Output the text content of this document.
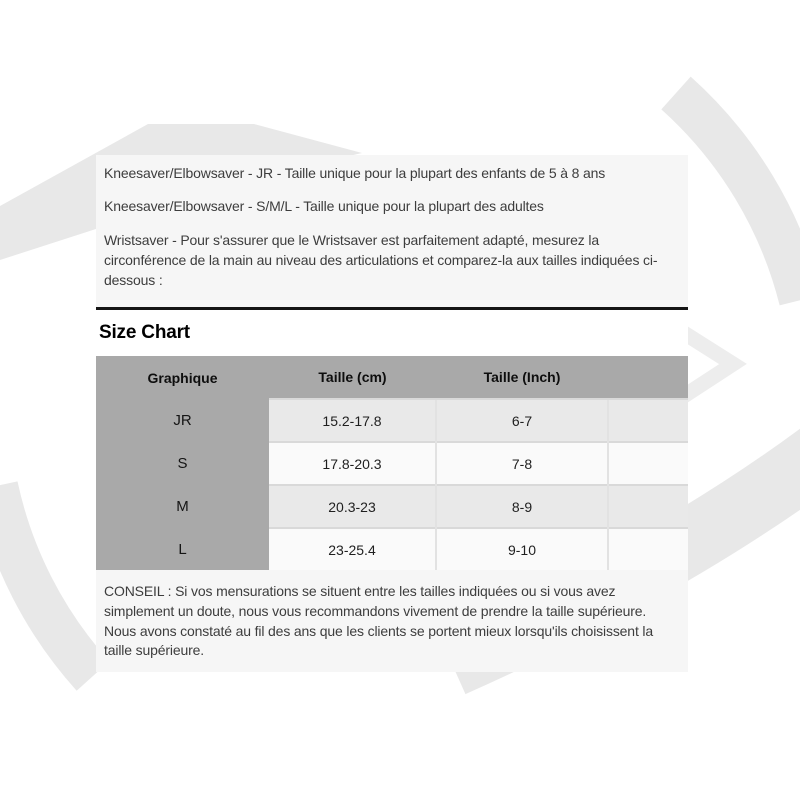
Kneesaver/Elbowsaver - JR - Taille unique pour la plupart des enfants de 5 à 8 ans

Kneesaver/Elbowsaver - S/M/L - Taille unique pour la plupart des adultes

Wristsaver - Pour s'assurer que le Wristsaver est parfaitement adapté, mesurez la circonférence de la main au niveau des articulations et comparez-la aux tailles indiquées ci-dessous :

Size Chart
Graphique	Taille (cm)	Taille (Inch)	
JR	15.2-17.8	6-7	
S	17.8-20.3	7-8	
M	20.3-23	8-9	
L	23-25.4	9-10	

CONSEIL : Si vos mensurations se situent entre les tailles indiquées ou si vous avez simplement un doute, nous vous recommandons vivement de prendre la taille supérieure. Nous avons constaté au fil des ans que les clients se portent mieux lorsqu'ils choisissent la taille supérieure.
